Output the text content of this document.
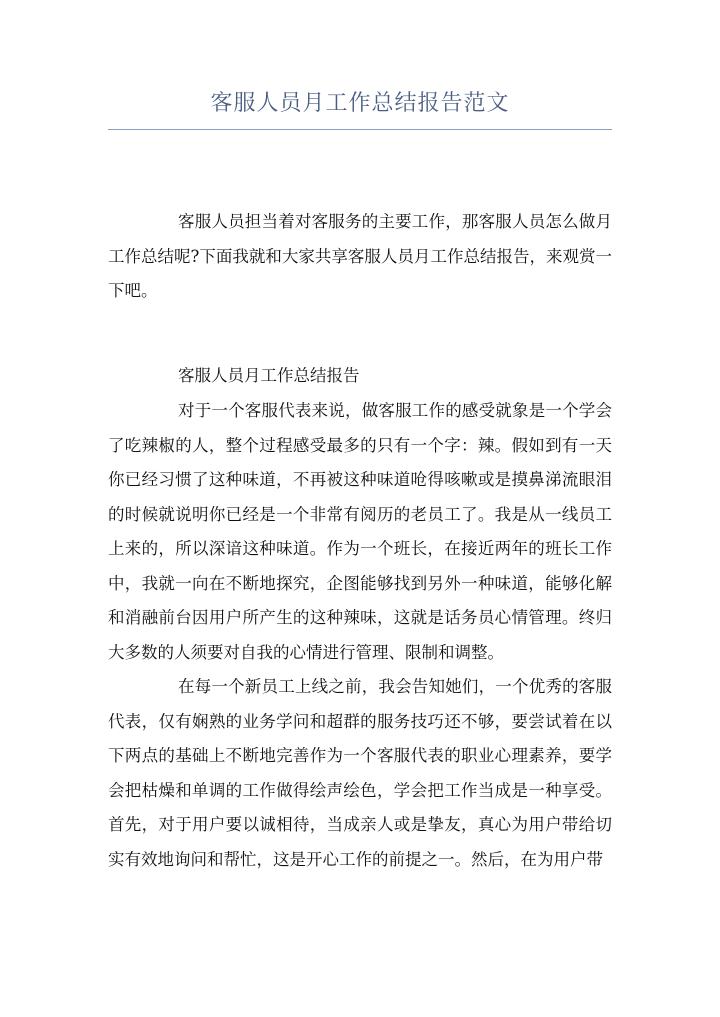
客服人员月工作总结报告范文
客服人员担当着对客服务的主要工作，那客服人员怎么做月工作总结呢?下面我就和大家共享客服人员月工作总结报告，来观赏一下吧。
客服人员月工作总结报告
对于一个客服代表来说，做客服工作的感受就象是一个学会了吃辣椒的人，整个过程感受最多的只有一个字：辣。假如到有一天你已经习惯了这种味道，不再被这种味道呛得咳嗽或是摸鼻涕流眼泪的时候就说明你已经是一个非常有阅历的老员工了。我是从一线员工上来的，所以深谙这种味道。作为一个班长，在接近两年的班长工作中，我就一向在不断地探究，企图能够找到另外一种味道，能够化解和消融前台因用户所产生的这种辣味，这就是话务员心情管理。终归大多数的人须要对自我的心情进行管理、限制和调整。
在每一个新员工上线之前，我会告知她们，一个优秀的客服代表，仅有娴熟的业务学问和超群的服务技巧还不够，要尝试着在以下两点的基础上不断地完善作为一个客服代表的职业心理素养，要学会把枯燥和单调的工作做得绘声绘色，学会把工作当成是一种享受。首先，对于用户要以诚相待，当成亲人或是挚友，真心为用户带给切实有效地询问和帮忙，这是开心工作的前提之一。然后，在为用户带
